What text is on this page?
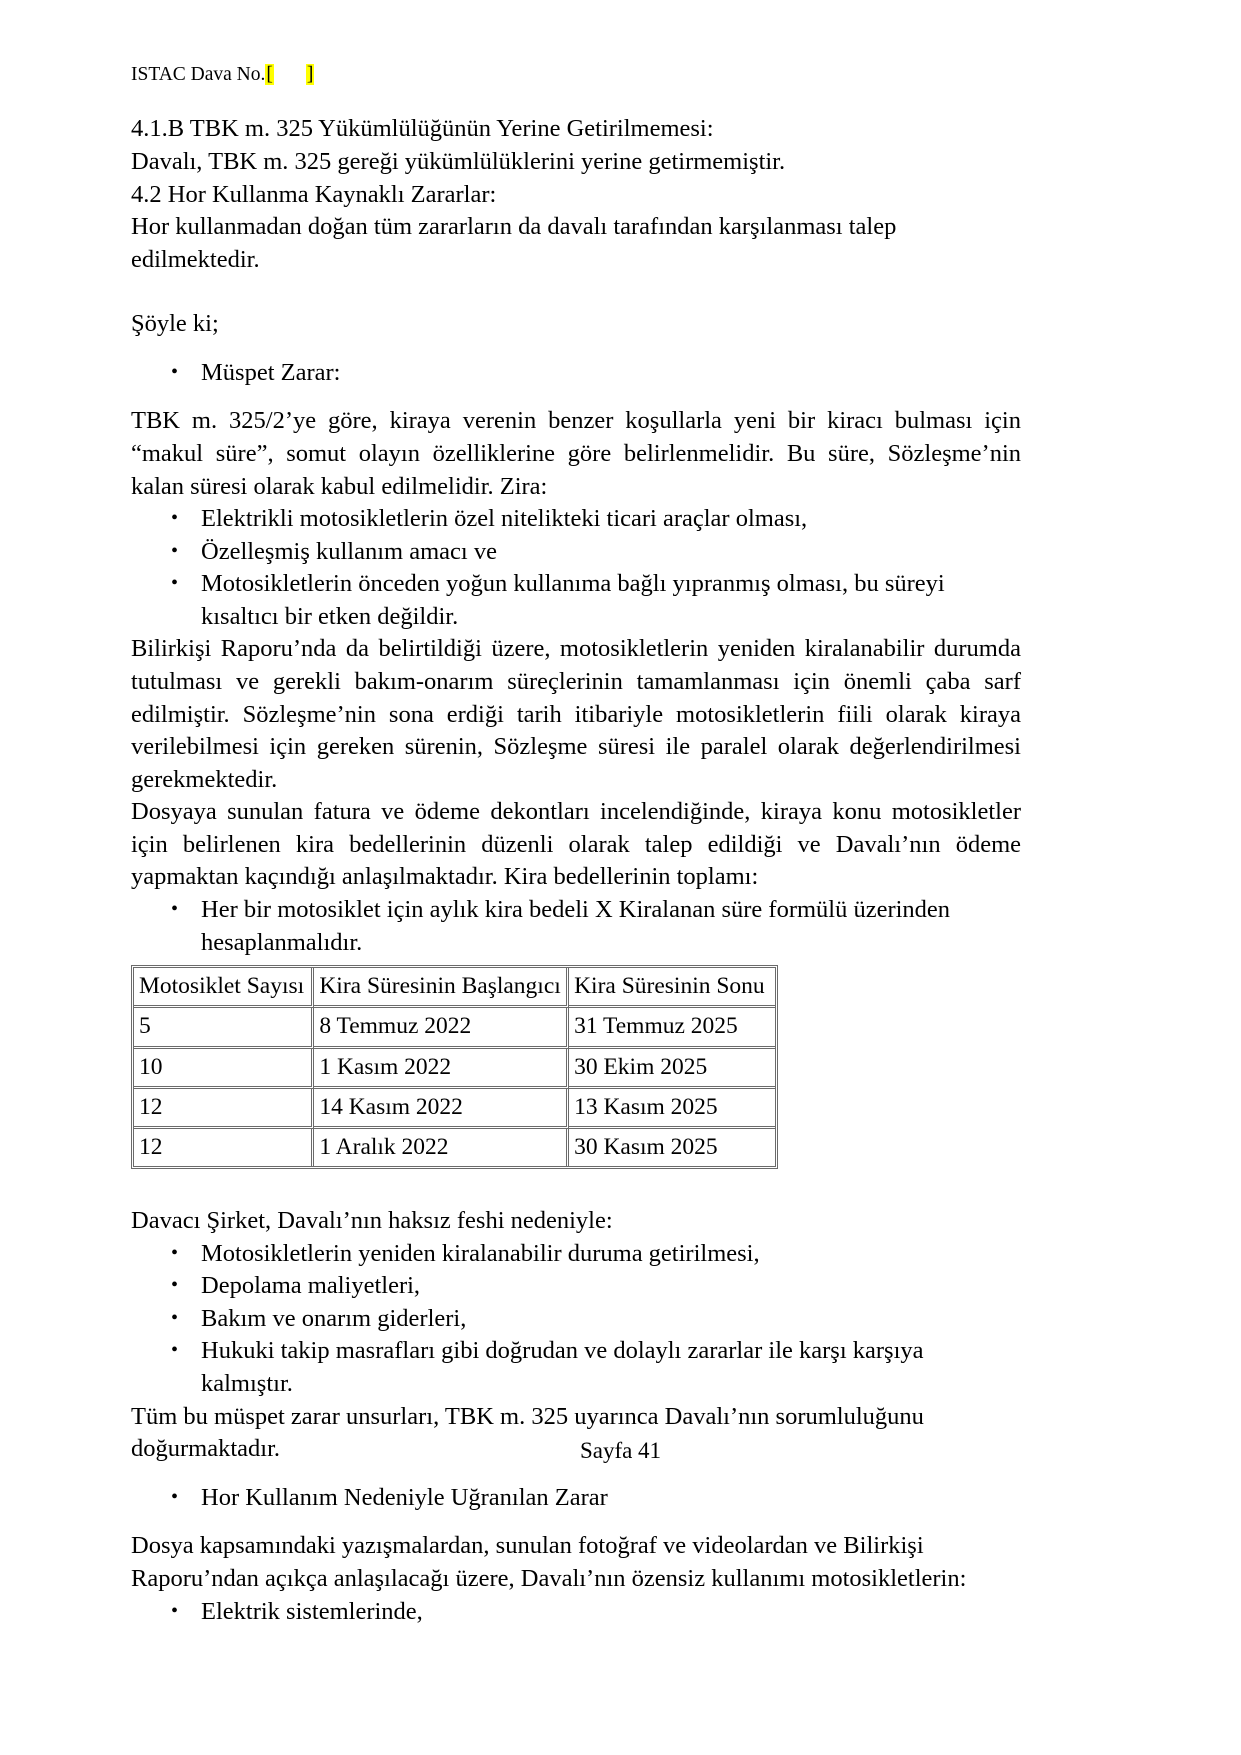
ISTAC Dava No.[ ]

4.1.B TBK m. 325 Yükümlülüğünün Yerine Getirilmemesi:

Davalı, TBK m. 325 gereği yükümlülüklerini yerine getirmemiştir.

4.2 Hor Kullanma Kaynaklı Zararlar:

Hor kullanmadan doğan tüm zararların da davalı tarafından karşılanması talep edilmektedir.

Şöyle ki;

• Müspet Zarar:

TBK m. 325/2’ye göre, kiraya verenin benzer koşullarla yeni bir kiracı bulması için “makul süre”, somut olayın özelliklerine göre belirlenmelidir. Bu süre, Sözleşme’nin kalan süresi olarak kabul edilmelidir. Zira:

• Elektrikli motosikletlerin özel nitelikteki ticari araçlar olması,
• Özelleşmiş kullanım amacı ve
• Motosikletlerin önceden yoğun kullanıma bağlı yıpranmış olması, bu süreyi kısaltıcı bir etken değildir.

Bilirkişi Raporu’nda da belirtildiği üzere, motosikletlerin yeniden kiralanabilir durumda tutulması ve gerekli bakım-onarım süreçlerinin tamamlanması için önemli çaba sarf edilmiştir. Sözleşme’nin sona erdiği tarih itibariyle motosikletlerin fiili olarak kiraya verilebilmesi için gereken sürenin, Sözleşme süresi ile paralel olarak değerlendirilmesi gerekmektedir.

Dosyaya sunulan fatura ve ödeme dekontları incelendiğinde, kiraya konu motosikletler için belirlenen kira bedellerinin düzenli olarak talep edildiği ve Davalı’nın ödeme yapmaktan kaçındığı anlaşılmaktadır. Kira bedellerinin toplamı:

• Her bir motosiklet için aylık kira bedeli X Kiralanan süre formülü üzerinden hesaplanmalıdır.
Motosiklet Sayısı	Kira Süresinin Başlangıcı	Kira Süresinin Sonu
5	8 Temmuz 2022	31 Temmuz 2025
10	1 Kasım 2022	30 Ekim 2025
12	14 Kasım 2022	13 Kasım 2025
12	1 Aralık 2022	30 Kasım 2025

Davacı Şirket, Davalı’nın haksız feshi nedeniyle:

• Motosikletlerin yeniden kiralanabilir duruma getirilmesi,
• Depolama maliyetleri,
• Bakım ve onarım giderleri,
• Hukuki takip masrafları gibi doğrudan ve dolaylı zararlar ile karşı karşıya kalmıştır.

Tüm bu müspet zarar unsurları, TBK m. 325 uyarınca Davalı’nın sorumluluğunu doğurmaktadır.

• Hor Kullanım Nedeniyle Uğranılan Zarar

Dosya kapsamındaki yazışmalardan, sunulan fotoğraf ve videolardan ve Bilirkişi Raporu’ndan açıkça anlaşılacağı üzere, Davalı’nın özensiz kullanımı motosikletlerin:

• Elektrik sistemlerinde,
Sayfa 41
